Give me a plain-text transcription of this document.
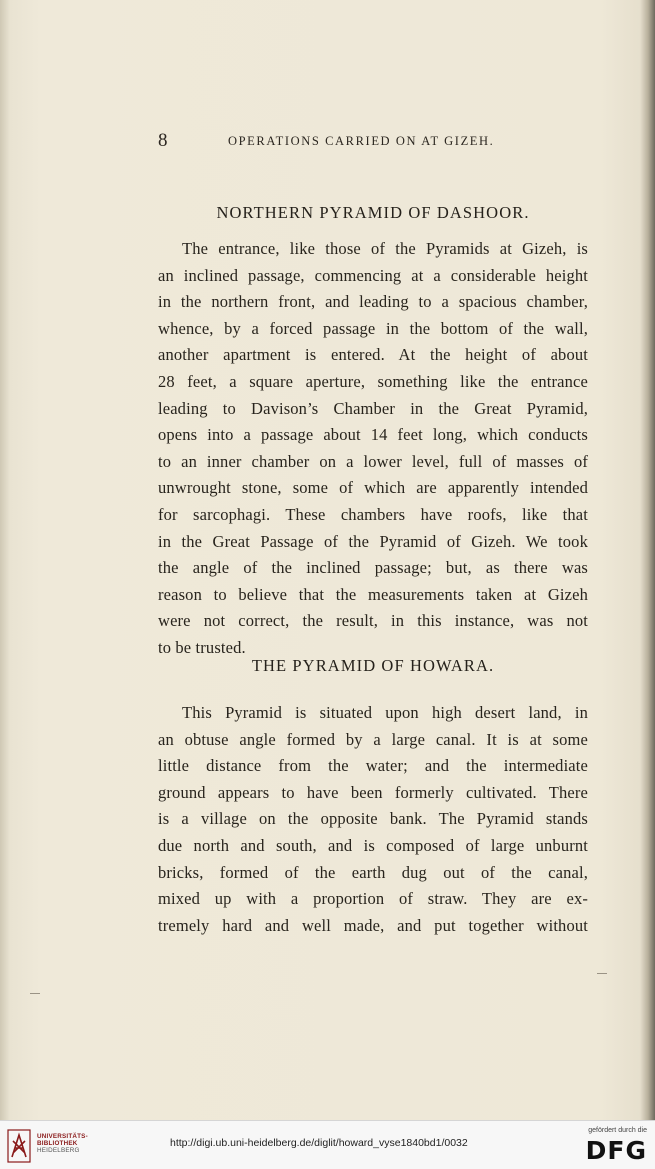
8	OPERATIONS CARRIED ON AT GIZEH.
NORTHERN PYRAMID OF DASHOOR.
The entrance, like those of the Pyramids at Gizeh, is
an inclined passage, commencing at a considerable height
in the northern front, and leading to a spacious chamber,
whence, by a forced passage in the bottom of the wall,
another apartment is entered. At the height of about
28 feet, a square aperture, something like the entrance
leading to Davison’s Chamber in the Great Pyramid,
opens into a passage about 14 feet long, which conducts
to an inner chamber on a lower level, full of masses of
unwrought stone, some of which are apparently intended
for sarcophagi. These chambers have roofs, like that
in the Great Passage of the Pyramid of Gizeh. We took
the angle of the inclined passage; but, as there was
reason to believe that the measurements taken at Gizeh
were not correct, the result, in this instance, was not
to be trusted.
THE PYRAMID OF HOWARA.
This Pyramid is situated upon high desert land, in
an obtuse angle formed by a large canal. It is at some
little distance from the water; and the intermediate
ground appears to have been formerly cultivated. There
is a village on the opposite bank. The Pyramid stands
due north and south, and is composed of large unburnt
bricks, formed of the earth dug out of the canal,
mixed up with a proportion of straw. They are ex-
tremely hard and well made, and put together without
UNIVERSITÄTS-
BIBLIOTHEK
HEIDELBERG
http://digi.ub.uni-heidelberg.de/diglit/howard_vyse1840bd1/0032
gefördert durch die
DFG
